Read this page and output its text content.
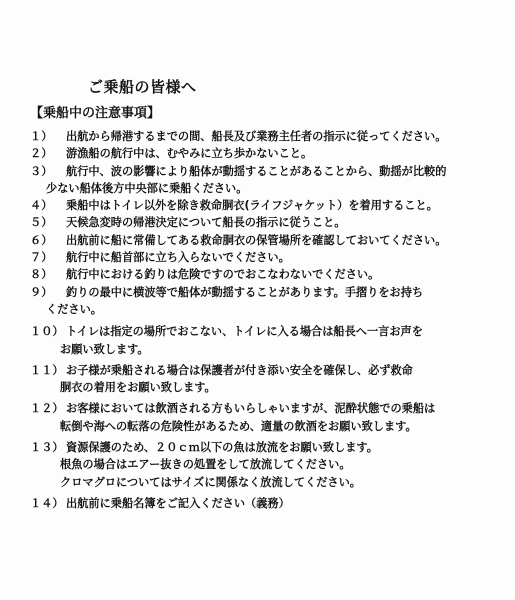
ご乗船の皆様へ
【乗船中の注意事項】
１）	出航から帰港するまでの間、船長及び業務主任者の指示に従ってください。
２）	游漁船の航行中は、むやみに立ち歩かないこと。
３）	航行中、波の影響により船体が動揺することがあることから、動揺が比較的
少ない船体後方中央部に乗船ください。
４）	乗船中はトイレ以外を除き救命胴衣(ライフジャケット）を着用すること。
５）	天候急変時の帰港決定について船長の指示に従うこと。
６）	出航前に船に常備してある救命胴衣の保管場所を確認しておいてください。
７）	航行中に船首部に立ち入らないでください。
８）	航行中における釣りは危険ですのでおこなわないでください。
９）	釣りの最中に横波等で船体が動揺することがあります。手摺りをお持ち
ください。
１０） トイレは指定の場所でおこない、トイレに入る場合は船長へ一言お声を
お願い致します。
１１） お子様が乗船される場合は保護者が付き添い安全を確保し、必ず救命
胴衣の着用をお願い致します。
１２） お客様においては飲酒される方もいらしゃいますが、泥酔状態での乗船は
転倒や海への転落の危険性があるため、適量の飲酒をお願い致します。
１３） 資源保護のため、２０ｃｍ以下の魚は放流をお願い致します。
根魚の場合はエアー抜きの処置をして放流してください。
クロマグロについてはサイズに関係なく放流してください。
１４） 出航前に乗船名簿をご記入ください（義務）
